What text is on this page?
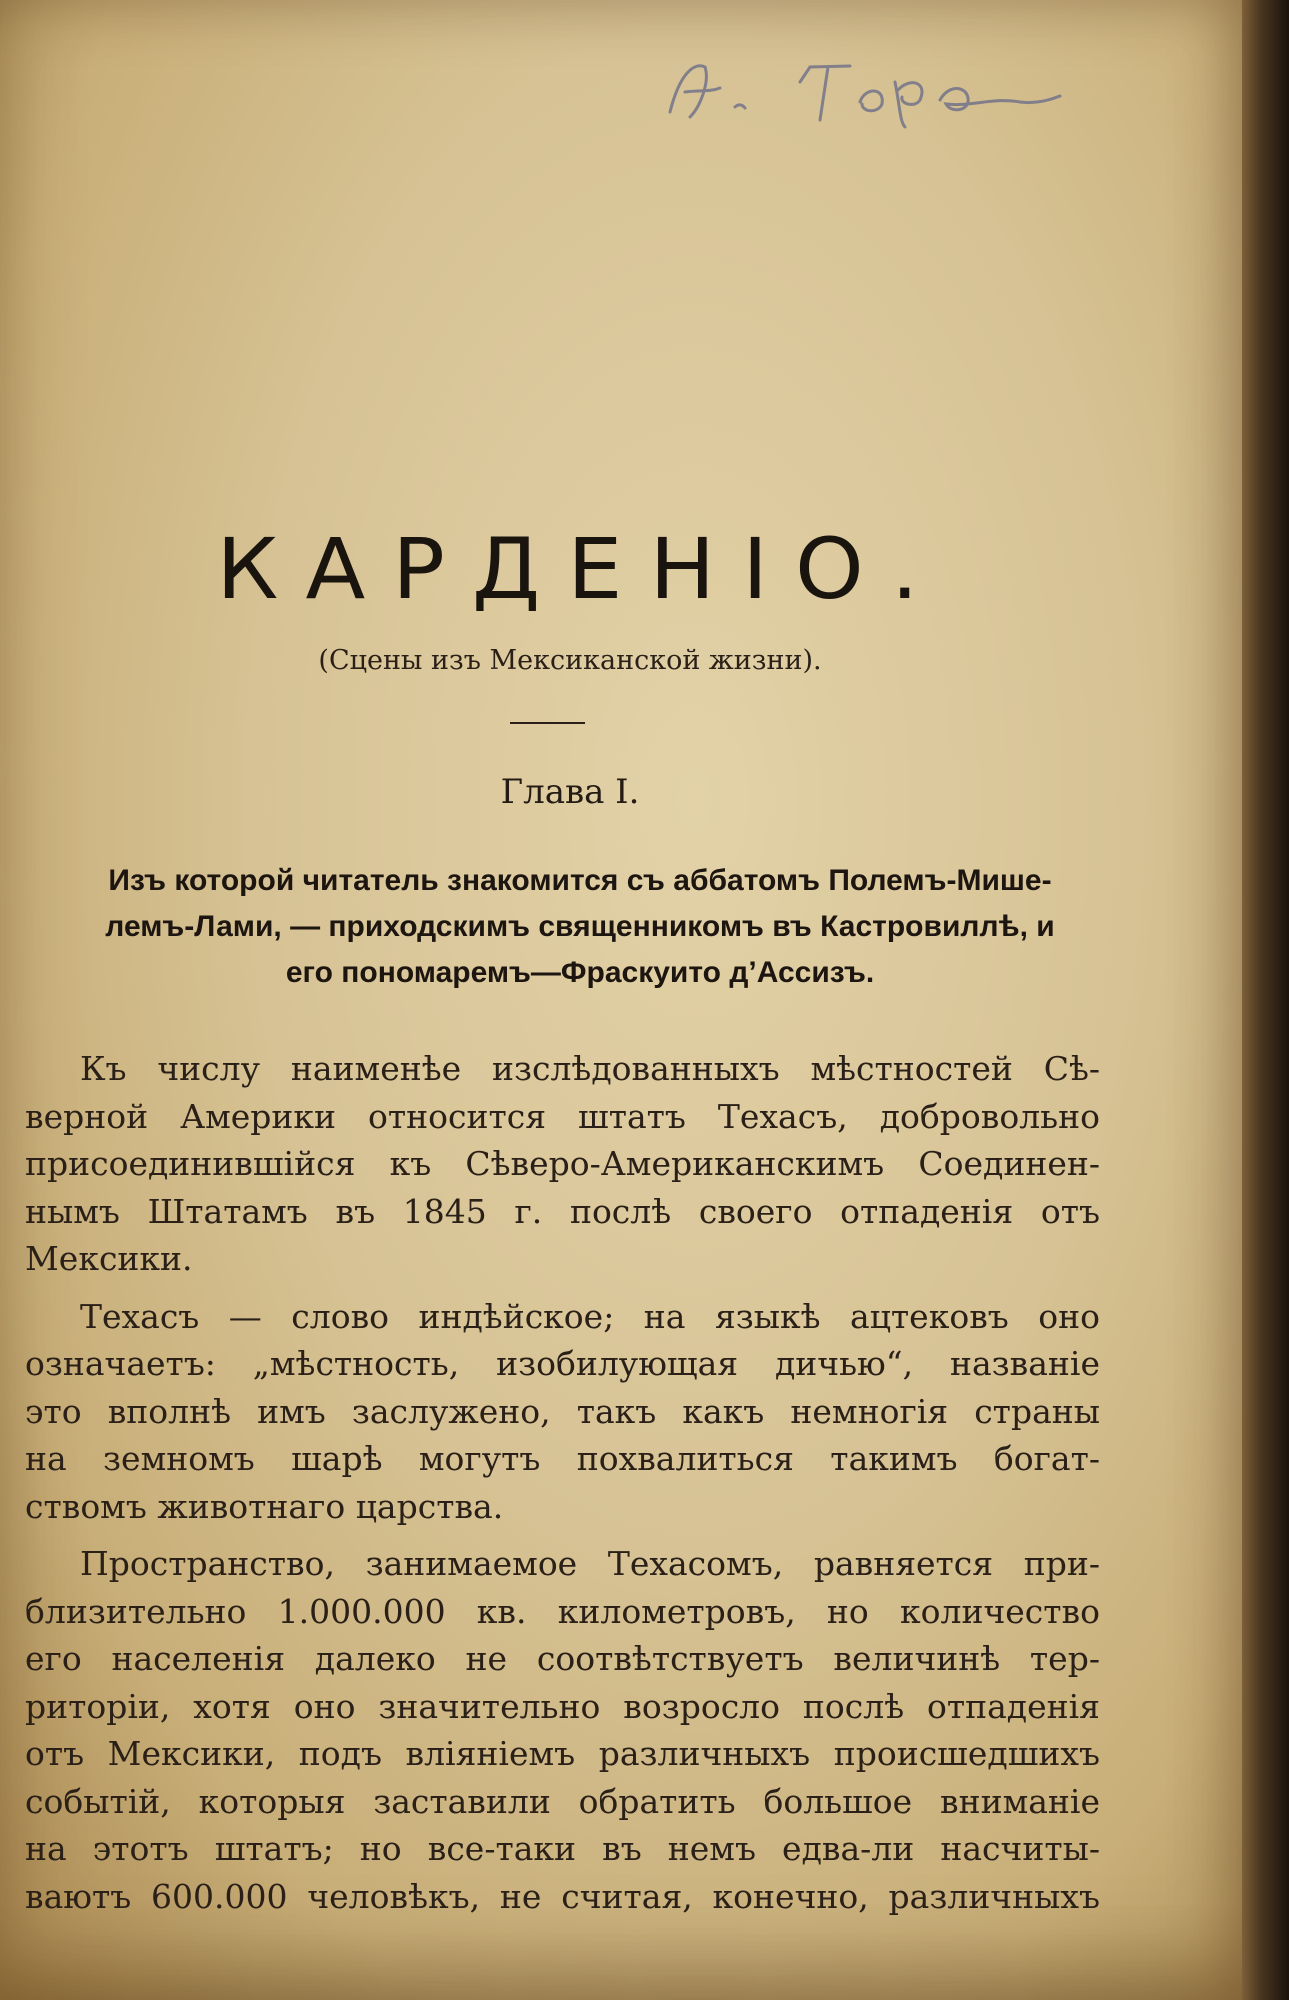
КАРДЕНІО.
(Сцены изъ Мексиканской жизни).
Глава I.
Изъ которой читатель знакомится съ аббатомъ Полемъ-Мише-
лемъ-Лами, — приходскимъ священникомъ въ Кастровиллѣ, и
его пономаремъ—Фраскуито д’Ассизъ.
Къ числу наименѣе изслѣдованныхъ мѣстностей Сѣ-
верной Америки относится штатъ Техасъ, добровольно
присоединившійся къ Сѣверо-Американскимъ Соединен-
нымъ Штатамъ въ 1845 г. послѣ своего отпаденія отъ
Мексики.
Техасъ — слово индѣйское; на языкѣ ацтековъ оно
означаетъ: „мѣстность, изобилующая дичью“, названіе
это вполнѣ имъ заслужено, такъ какъ немногія страны
на земномъ шарѣ могутъ похвалиться такимъ богат-
ствомъ животнаго царства.
Пространство, занимаемое Техасомъ, равняется при-
близительно 1.000.000 кв. километровъ, но количество
его населенія далеко не соотвѣтствуетъ величинѣ тер-
риторіи, хотя оно значительно возросло послѣ отпаденія
отъ Мексики, подъ вліяніемъ различныхъ происшедшихъ
событій, которыя заставили обратить большое вниманіе
на этотъ штатъ; но все-таки въ немъ едва-ли насчиты-
ваютъ 600.000 человѣкъ, не считая, конечно, различныхъ
